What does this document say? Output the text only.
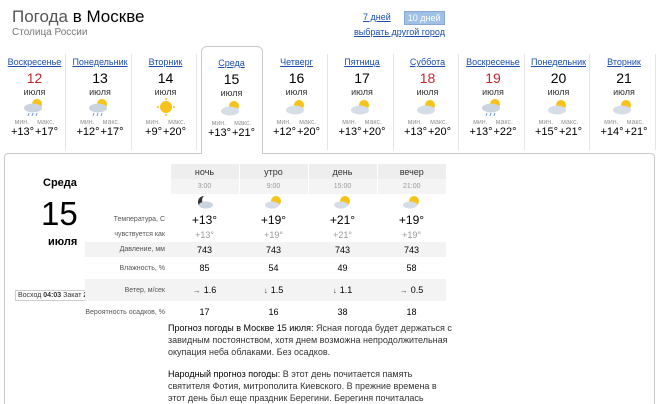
Погода в Москве
Столица России
7 дней	10 дней
выбрать другой город
Воскресенье
12
июля
мин. макс.
+13° +17°
Понедельник
13
июля
мин. макс.
+12° +17°
Вторник
14
июля
мин. макс.
+9° +20°
Среда
15
июля
мин. макс.
+13° +21°
Четверг
16
июля
мин. макс.
+12° +20°
Пятница
17
июля
мин. макс.
+13° +20°
Суббота
18
июля
мин. макс.
+13° +20°
Воскресенье
19
июля
мин. макс.
+13° +22°
Понедельник
20
июля
мин. макс.
+15° +21°
Вторник
21
июля
мин. макс.
+14° +21°
Среда
15
июля
Восход 04:03 Закат
	ночь	утро	день	вечер
	3:00	9:00	15:00	21:00

Температура, С	+13°	+19°	+21°	+19°
чувствуется как	+13°	+19°	+21°	+19°
Давление, мм	743	743	743	743
Влажность, %	85	54	49	58
Ветер, м/сек	→ 1.6	↓ 1.5	↓ 1.1	→ 0.5
Вероятность осадков, %	17	16	38	18
Прогноз погоды в Москве 15 июля: Ясная погода будет держаться с завидным постоянством, хотя днем возможна непродолжительная окупация неба облаками. Без осадков.
Народный прогноз погоды: В этот день почитается память святителя Фотия, митрополита Киевского. В прежние времена в этот день был еще праздник Берегини. Берегиня почиталась
